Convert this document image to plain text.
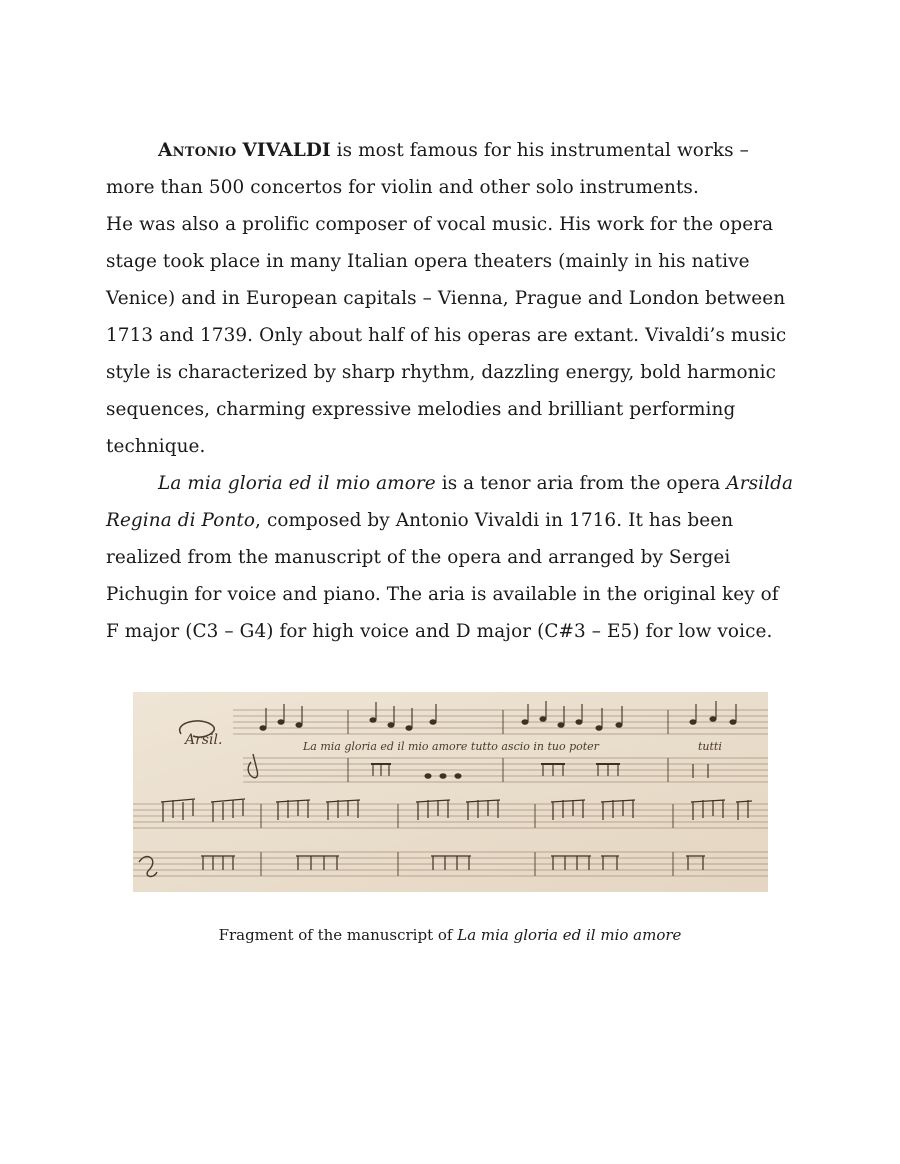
Antonio VIVALDI is most famous for his instrumental works – more than 500 concertos for violin and other solo instruments.

He was also a prolific composer of vocal music. His work for the opera stage took place in many Italian opera theaters (mainly in his native Venice) and in European capitals – Vienna, Prague and London between 1713 and 1739. Only about half of his operas are extant. Vivaldi’s music style is characterized by sharp rhythm, dazzling energy, bold harmonic sequences, charming expressive melodies and brilliant performing technique.

La mia gloria ed il mio amore is a tenor aria from the opera Arsilda Regina di Ponto, composed by Antonio Vivaldi in 1716. It has been realized from the manuscript of the opera and arranged by Sergei Pichugin for voice and piano. The aria is available in the original key of F major (C3 – G4) for high voice and D major (C#3 – E5) for low voice.

La mia gloria ed il mio amore tutto ascio in tuo poter	tutti
Arsil.
Fragment of the manuscript of La mia gloria ed il mio amore
